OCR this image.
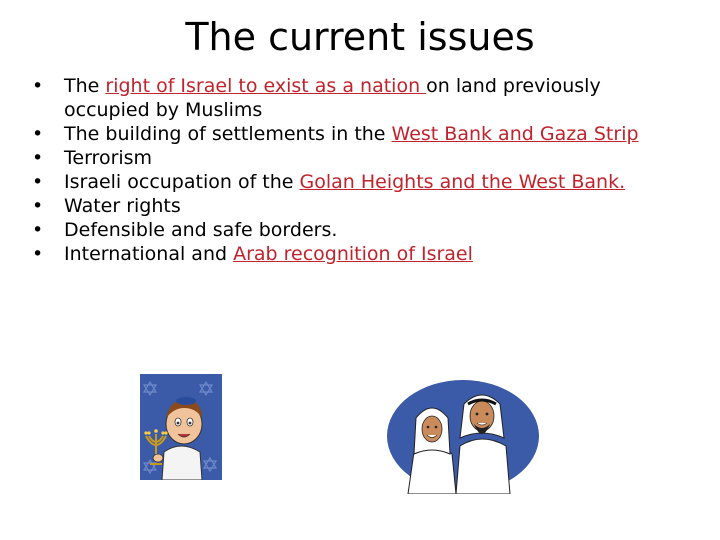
The current issues
• The right of Israel to exist as a nation on land previously occupied by Muslims
• The building of settlements in the West Bank and Gaza Strip
• Terrorism
• Israeli occupation of the Golan Heights and the West Bank.
• Water rights
• Defensible and safe borders.
• International and Arab recognition of Israel
